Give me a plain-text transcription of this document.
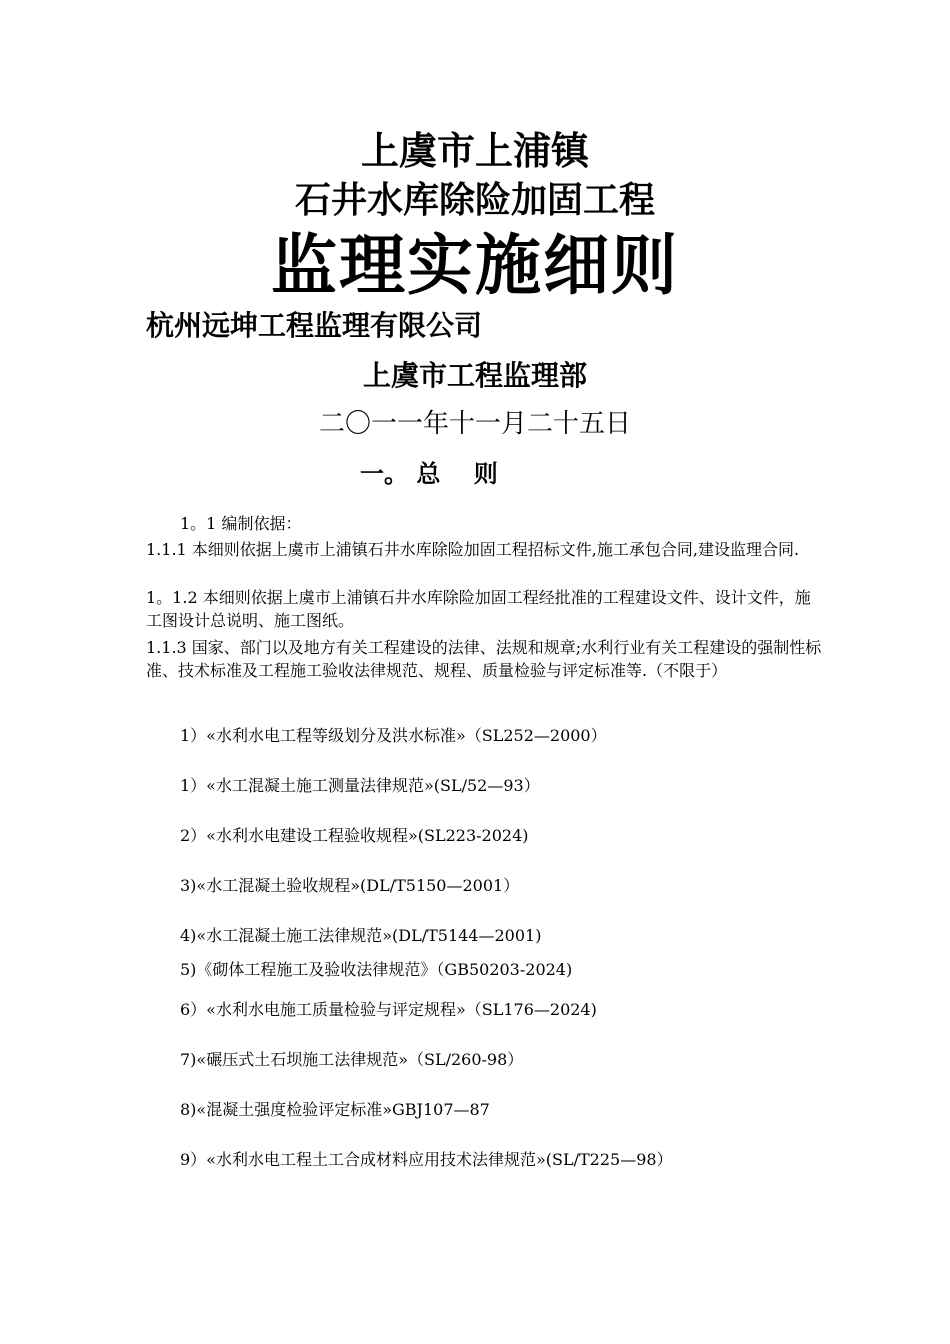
上虞市上浦镇
石井水库除险加固工程
监理实施细则
杭州远坤工程监理有限公司
上虞市工程监理部
二〇一一年十一月二十五日
一。 总    则
1。1 编制依据：
1.1.1 本细则依据上虞市上浦镇石井水库除险加固工程招标文件,施工承包合同,建设监理合同.
1。1.2 本细则依据上虞市上浦镇石井水库除险加固工程经批准的工程建设文件、设计文件，施工图设计总说明、施工图纸。
1.1.3 国家、部门以及地方有关工程建设的法律、法规和规章;水利行业有关工程建设的强制性标准、技术标准及工程施工验收法律规范、规程、质量检验与评定标准等.（不限于）
1）«水利水电工程等级划分及洪水标准»（SL252—2000）
1）«水工混凝土施工测量法律规范»(SL/52—93）
2）«水利水电建设工程验收规程»(SL223-2024)
3)«水工混凝土验收规程»(DL/T5150—2001）
4)«水工混凝土施工法律规范»(DL/T5144—2001)
5)《砌体工程施工及验收法律规范》（GB50203-2024)
6）«水利水电施工质量检验与评定规程»（SL176—2024)
7)«碾压式土石坝施工法律规范»（SL/260-98）
8)«混凝土强度检验评定标准»GBJ107—87
9）«水利水电工程土工合成材料应用技术法律规范»(SL/T225—98）
